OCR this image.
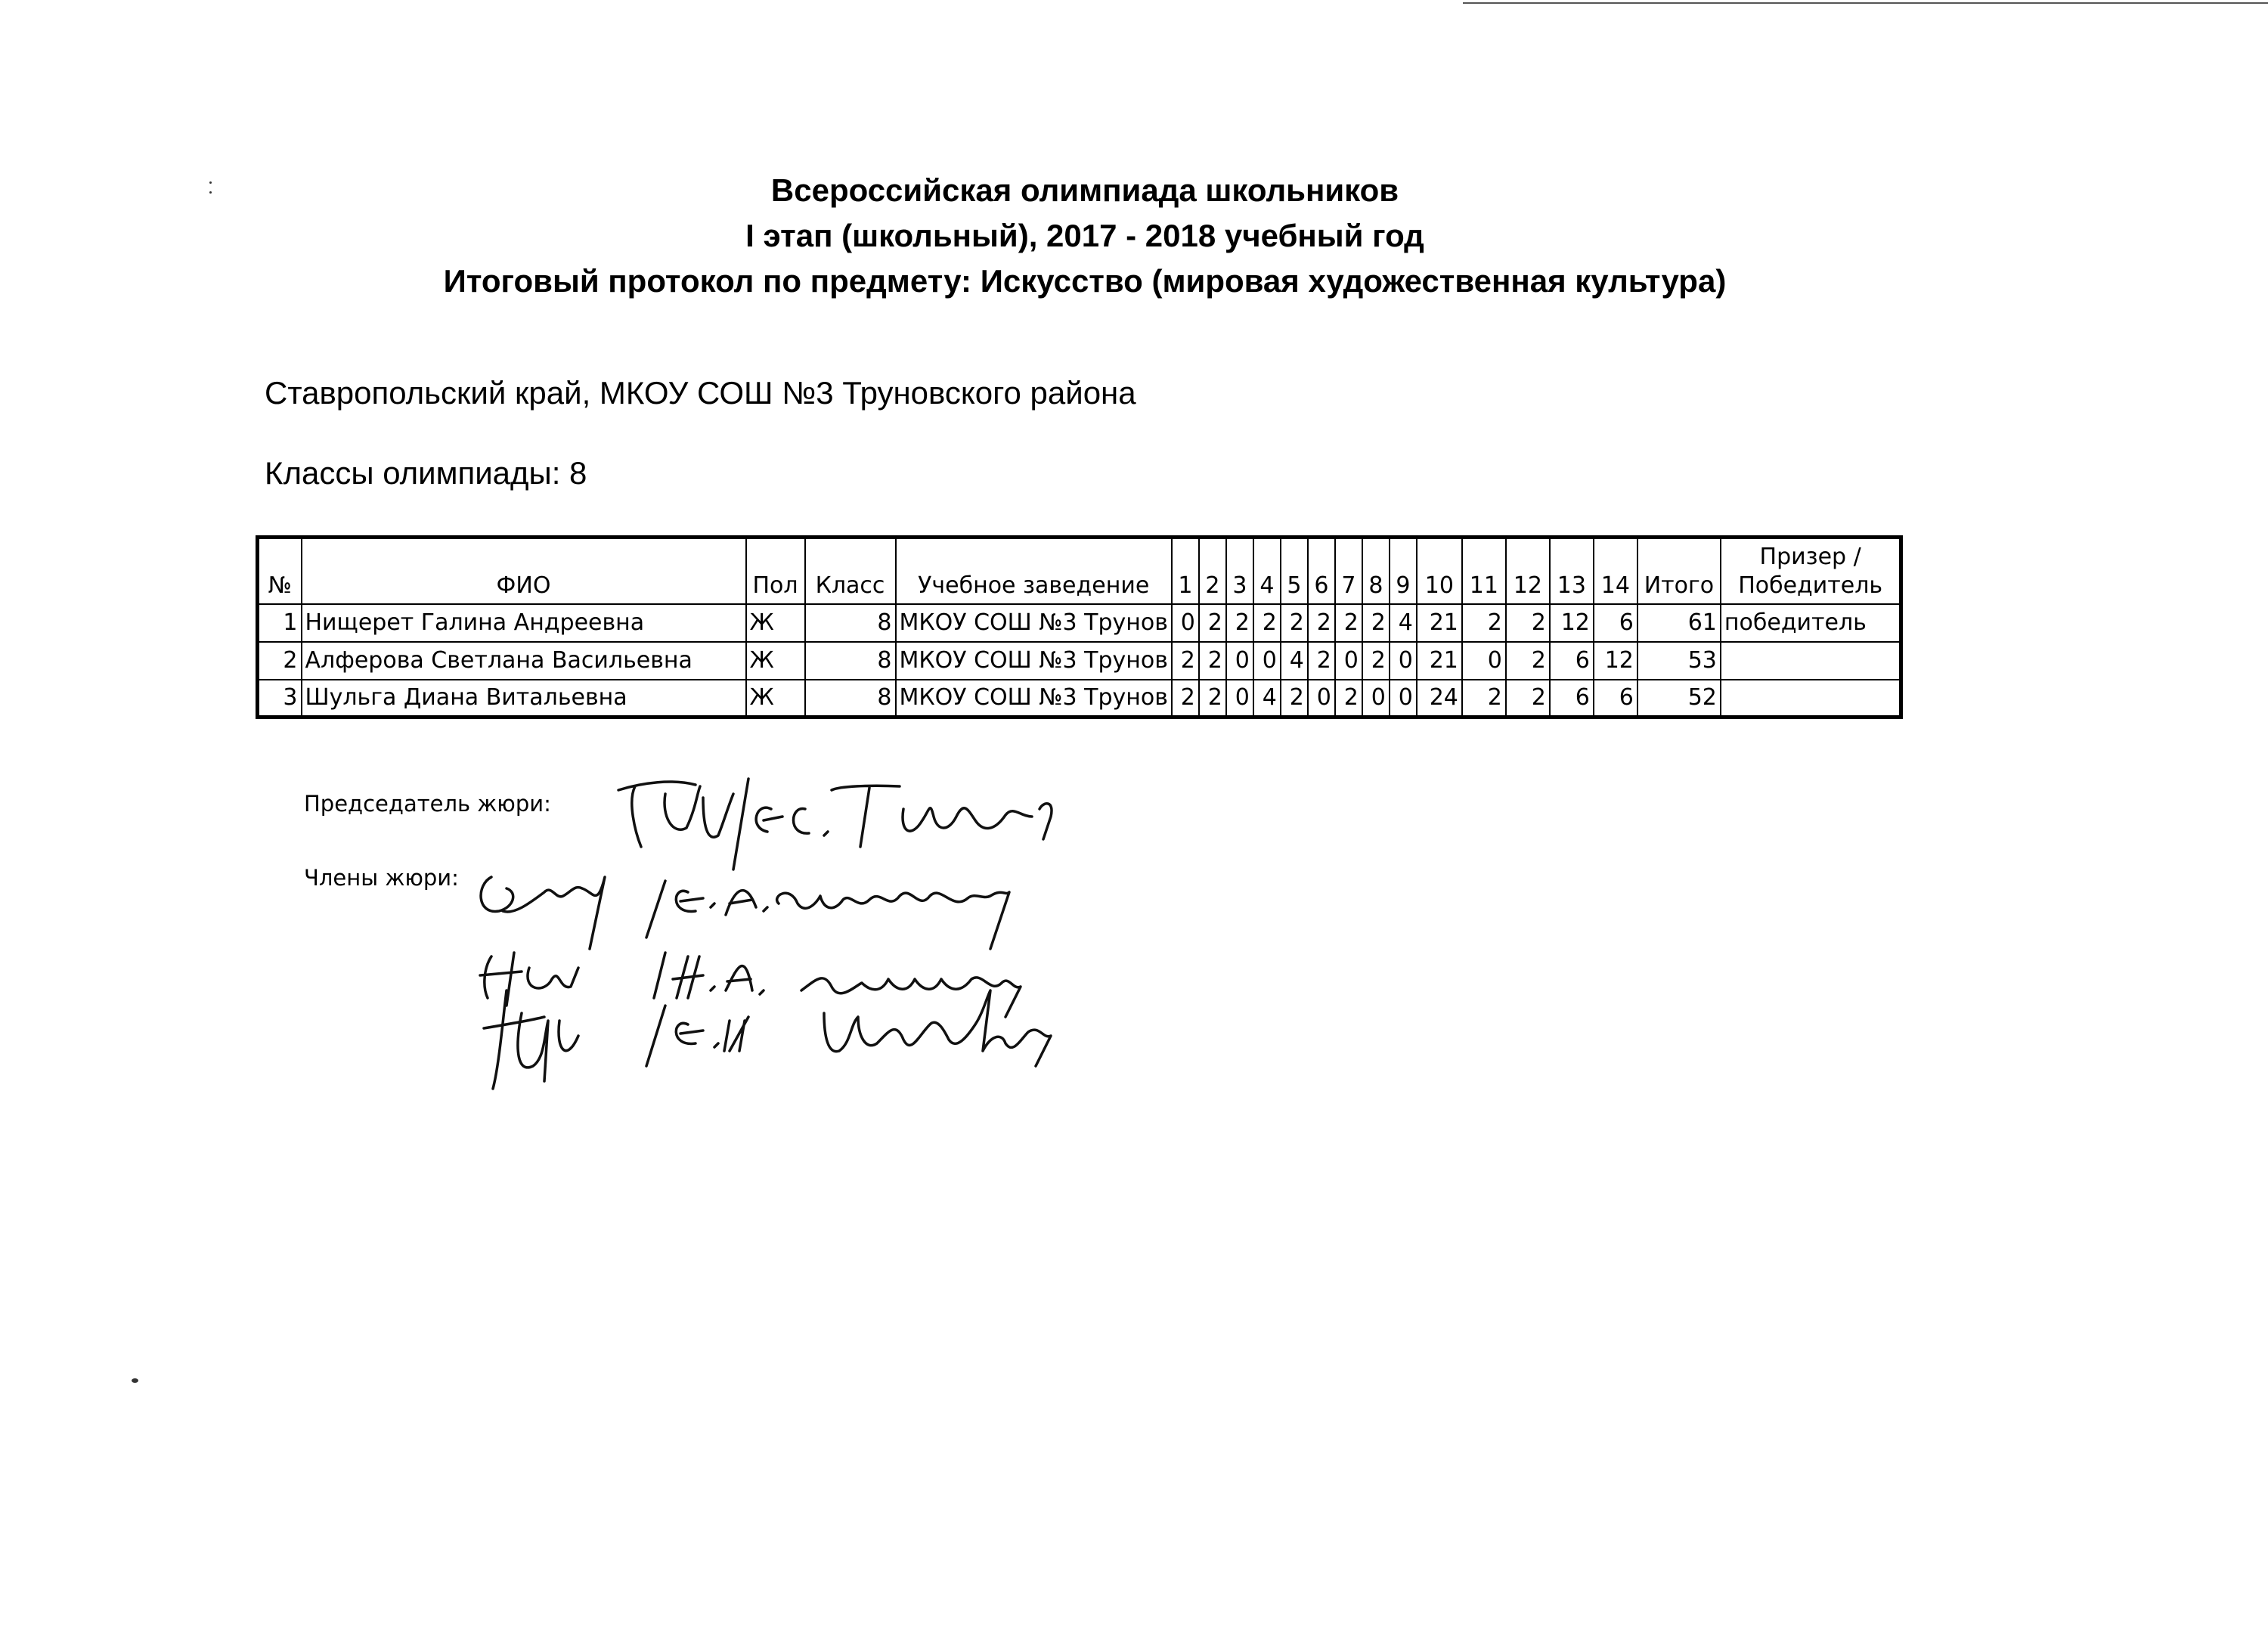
Всероссийская олимпиада школьников
I этап (школьный), 2017 - 2018 учебный год
Итоговый протокол по предмету: Искусство (мировая художественная культура)
Ставропольский край, МКОУ СОШ №3 Труновского района
Классы олимпиады: 8
№	ФИО	Пол	Класс	Учебное заведение	1	2	3	4	5	6	7	8	9	10	11	12	13	14	Итого	Призер /
Победитель
1	Нищерет Галина Андреевна	Ж	8	МКОУ СОШ №3 Трунов	0	2	2	2	2	2	2	2	4	21	2	2	12	6	61	победитель
2	Алферова Светлана Васильевна	Ж	8	МКОУ СОШ №3 Трунов	2	2	0	0	4	2	0	2	0	21	0	2	6	12	53	
3	Шульга Диана Витальевна	Ж	8	МКОУ СОШ №3 Трунов	2	2	0	4	2	0	2	0	0	24	2	2	6	6	52	
Председатель жюри:
Члены жюри:
